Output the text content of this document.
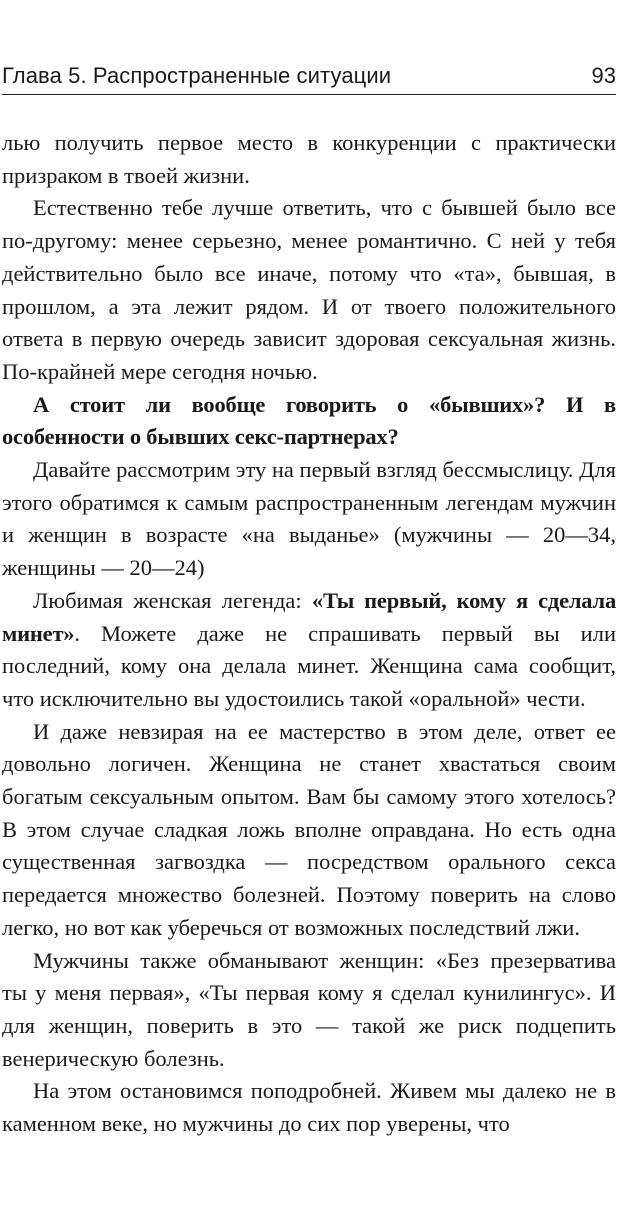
Глава 5. Распространенные ситуации	93

лью получить первое место в конкуренции с практически призраком в твоей жизни.

Естественно тебе лучше ответить, что с бывшей было все по-другому: менее серьезно, менее романтично. С ней у тебя действительно было все иначе, потому что «та», бывшая, в прошлом, а эта лежит рядом. И от твоего положительного ответа в первую очередь зависит здоровая сексуальная жизнь. По-крайней мере сегодня ночью.

А стоит ли вообще говорить о «бывших»? И в особенности о бывших секс-партнерах?

Давайте рассмотрим эту на первый взгляд бессмыслицу. Для этого обратимся к самым распространенным легендам мужчин и женщин в возрасте «на выданье» (мужчины — 20—34, женщины — 20—24)

Любимая женская легенда: «Ты первый, кому я сделала минет». Можете даже не спрашивать первый вы или последний, кому она делала минет. Женщина сама сообщит, что исключительно вы удостоились такой «оральной» чести.

И даже невзирая на ее мастерство в этом деле, ответ ее довольно логичен. Женщина не станет хвастаться своим богатым сексуальным опытом. Вам бы самому этого хотелось? В этом случае сладкая ложь вполне оправдана. Но есть одна существенная загвоздка — посредством орального секса передается множество болезней. Поэтому поверить на слово легко, но вот как уберечься от возможных последствий лжи.

Мужчины также обманывают женщин: «Без презерватива ты у меня первая», «Ты первая кому я сделал кунилингус». И для женщин, поверить в это — такой же риск подцепить венерическую болезнь.

На этом остановимся поподробней. Живем мы далеко не в каменном веке, но мужчины до сих пор уверены, что
